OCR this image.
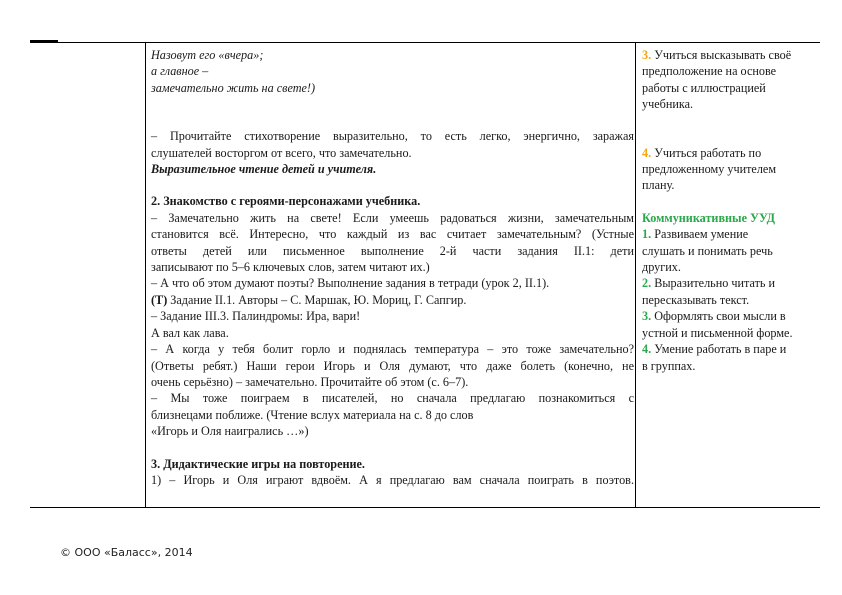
Назовут его «вчера»;

а главное –

замечательно жить на свете!)

– Прочитайте стихотворение выразительно, то есть легко, энергично, заражая

слушателей восторгом от всего, что замечательно.

Выразительное чтение детей и учителя.

2. Знакомство с героями-персонажами учебника.

– Замечательно жить на свете! Если умеешь радоваться жизни, замечательным

становится всё. Интересно, что каждый из вас считает замечательным? (Устные

ответы детей или письменное выполнение 2-й части задания II.1: дети

записывают по 5–6 ключевых слов, затем читают их.)

– А что об этом думают поэты? Выполнение задания в тетради (урок 2, II.1).

(Т) Задание II.1. Авторы – С. Маршак, Ю. Мориц, Г. Сапгир.

– Задание III.3. Палиндромы: Ира, вари!

А вал как лава.

– А когда у тебя болит горло и поднялась температура – это тоже замечательно?

(Ответы ребят.) Наши герои Игорь и Оля думают, что даже болеть (конечно, не

очень серьёзно) – замечательно. Прочитайте об этом (с. 6–7).

– Мы тоже поиграем в писателей, но сначала предлагаю познакомиться с

близнецами поближе. (Чтение вслух материала на с. 8 до слов

«Игорь и Оля наигрались …»)

3. Дидактические игры на повторение.

1) – Игорь и Оля играют вдвоём. А я предлагаю вам сначала поиграть в поэтов.

3. Учиться высказывать своё

предположение на основе

работы с иллюстрацией

учебника.

4. Учиться работать по

предложенному учителем

плану.

Коммуникативные УУД

1. Развиваем умение

слушать и понимать речь

других.

2. Выразительно читать и

пересказывать текст.

3. Оформлять свои мысли в

устной и письменной форме.

4. Умение работать в паре и

в группах.

© ООО «Баласс», 2014
